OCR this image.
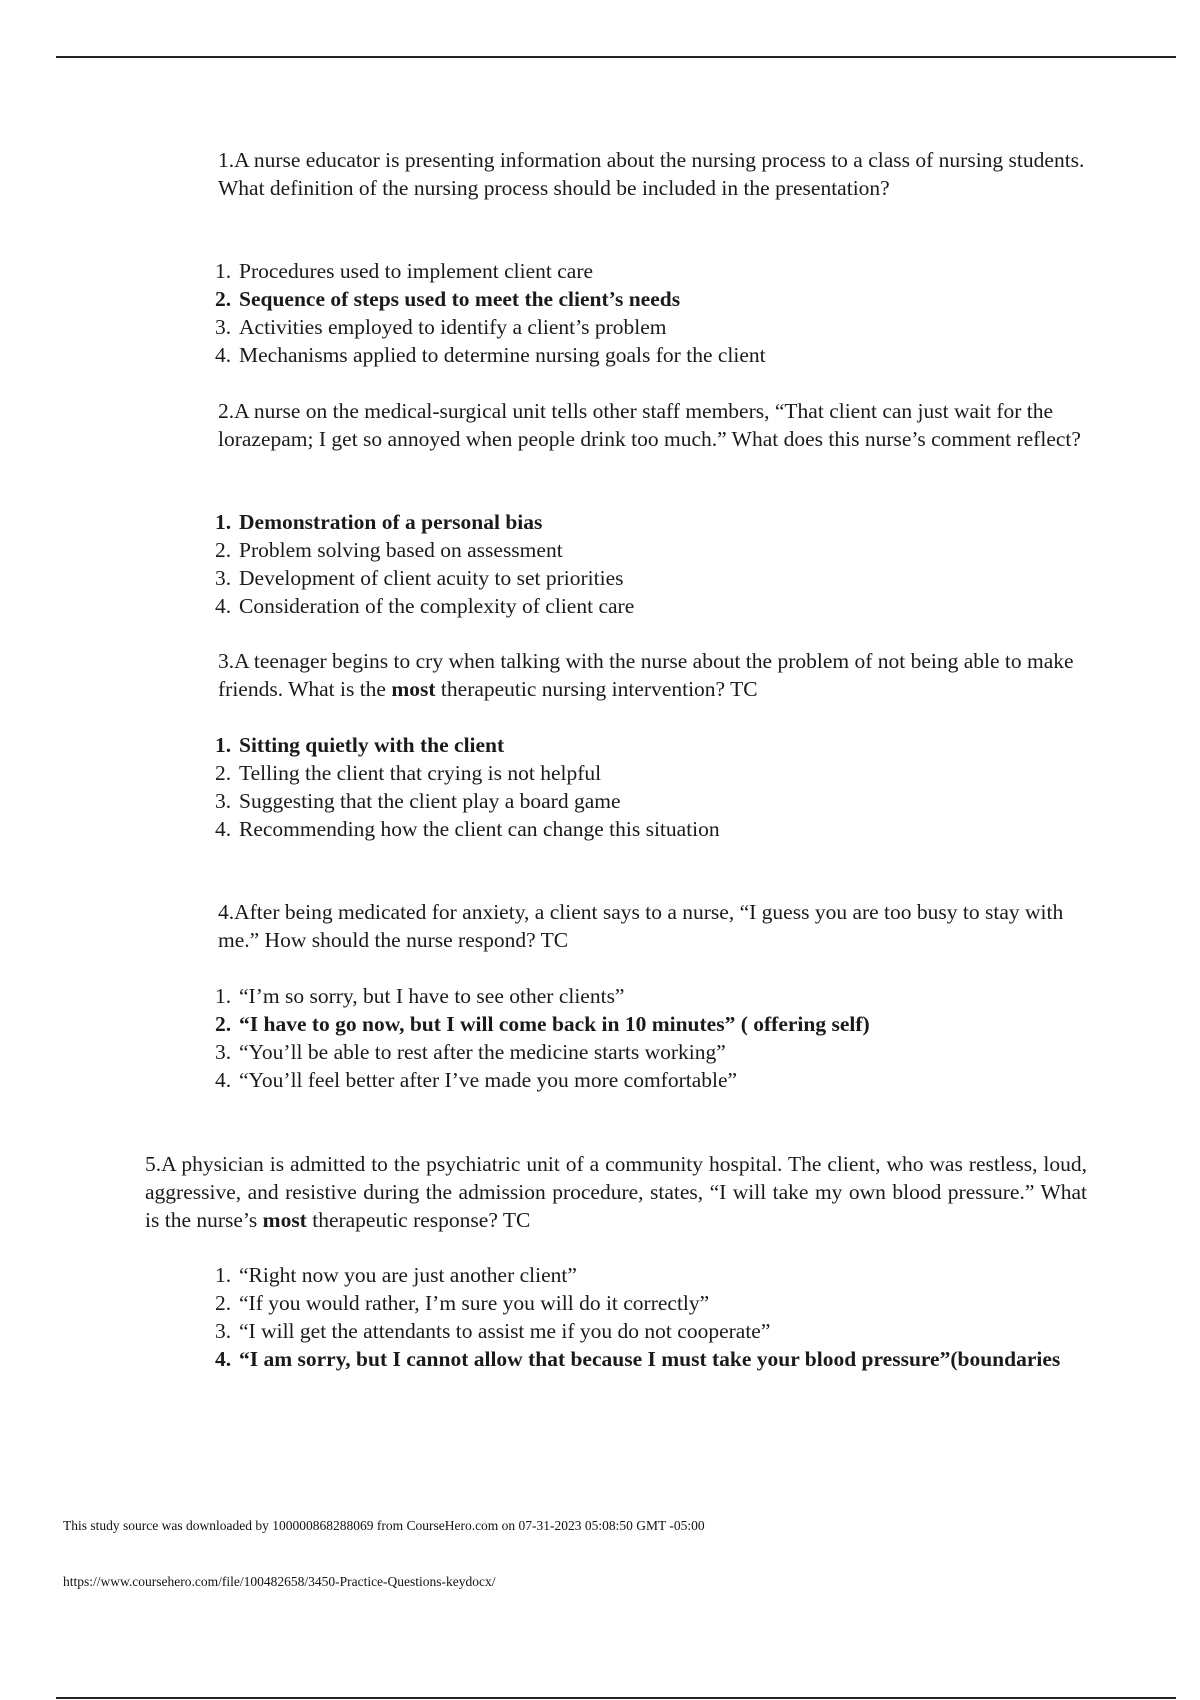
1.A nurse educator is presenting information about the nursing process to a class of nursing students. What definition of the nursing process should be included in the presentation?
1. Procedures used to implement client care
2. Sequence of steps used to meet the client’s needs
3. Activities employed to identify a client’s problem
4. Mechanisms applied to determine nursing goals for the client
2.A nurse on the medical-surgical unit tells other staff members, “That client can just wait for the lorazepam; I get so annoyed when people drink too much.” What does this nurse’s comment reflect?
1. Demonstration of a personal bias
2. Problem solving based on assessment
3. Development of client acuity to set priorities
4. Consideration of the complexity of client care
3.A teenager begins to cry when talking with the nurse about the problem of not being able to make friends. What is the most therapeutic nursing intervention? TC
1. Sitting quietly with the client
2. Telling the client that crying is not helpful
3. Suggesting that the client play a board game
4. Recommending how the client can change this situation
4.After being medicated for anxiety, a client says to a nurse, “I guess you are too busy to stay with me.” How should the nurse respond? TC
1. “I’m so sorry, but I have to see other clients”
2. “I have to go now, but I will come back in 10 minutes” ( offering self)
3. “You’ll be able to rest after the medicine starts working”
4. “You’ll feel better after I’ve made you more comfortable”
5.A physician is admitted to the psychiatric unit of a community hospital. The client, who was restless, loud, aggressive, and resistive during the admission procedure, states, “I will take my own blood pressure.” What is the nurse’s most therapeutic response? TC
1. “Right now you are just another client”
2. “If you would rather, I’m sure you will do it correctly”
3. “I will get the attendants to assist me if you do not cooperate”
4. “I am sorry, but I cannot allow that because I must take your blood pressure”(boundaries
This study source was downloaded by 100000868288069 from CourseHero.com on 07-31-2023 05:08:50 GMT -05:00
https://www.coursehero.com/file/100482658/3450-Practice-Questions-keydocx/
